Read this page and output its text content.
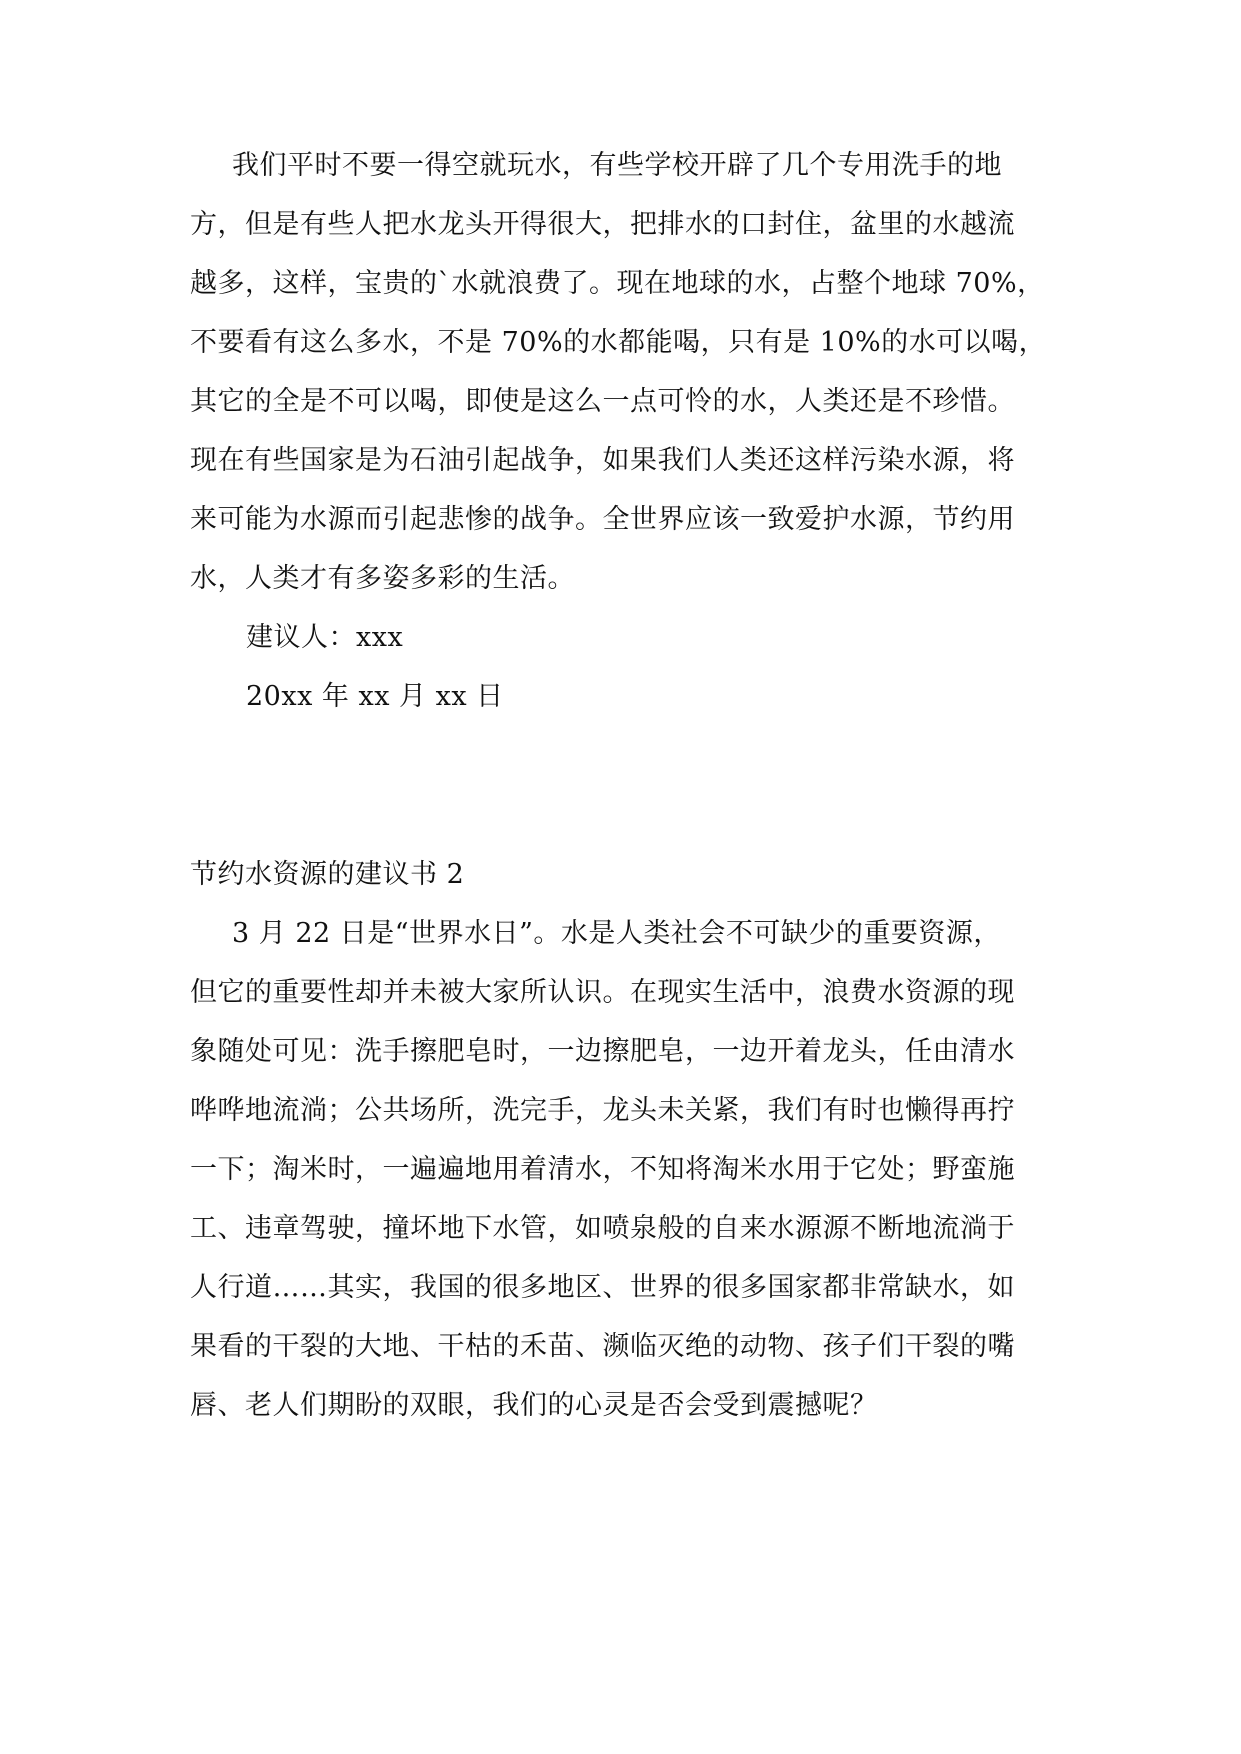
我们平时不要一得空就玩水，有些学校开辟了几个专用洗手的地
方，但是有些人把水龙头开得很大，把排水的口封住，盆里的水越流
越多，这样，宝贵的`水就浪费了。现在地球的水，占整个地球 70%，
不要看有这么多水，不是 70%的水都能喝，只有是 10%的水可以喝，
其它的全是不可以喝，即使是这么一点可怜的水，人类还是不珍惜。
现在有些国家是为石油引起战争，如果我们人类还这样污染水源，将
来可能为水源而引起悲惨的战争。全世界应该一致爱护水源，节约用
水，人类才有多姿多彩的生活。
建议人：xxx
20xx 年 xx 月 xx 日
节约水资源的建议书 2
3 月 22 日是“世界水日”。水是人类社会不可缺少的重要资源，
但它的重要性却并未被大家所认识。在现实生活中，浪费水资源的现
象随处可见：洗手擦肥皂时，一边擦肥皂，一边开着龙头，任由清水
哗哗地流淌；公共场所，洗完手，龙头未关紧，我们有时也懒得再拧
一下；淘米时，一遍遍地用着清水，不知将淘米水用于它处；野蛮施
工、违章驾驶，撞坏地下水管，如喷泉般的自来水源源不断地流淌于
人行道……其实，我国的很多地区、世界的很多国家都非常缺水，如
果看的干裂的大地、干枯的禾苗、濒临灭绝的动物、孩子们干裂的嘴
唇、老人们期盼的双眼，我们的心灵是否会受到震撼呢？
